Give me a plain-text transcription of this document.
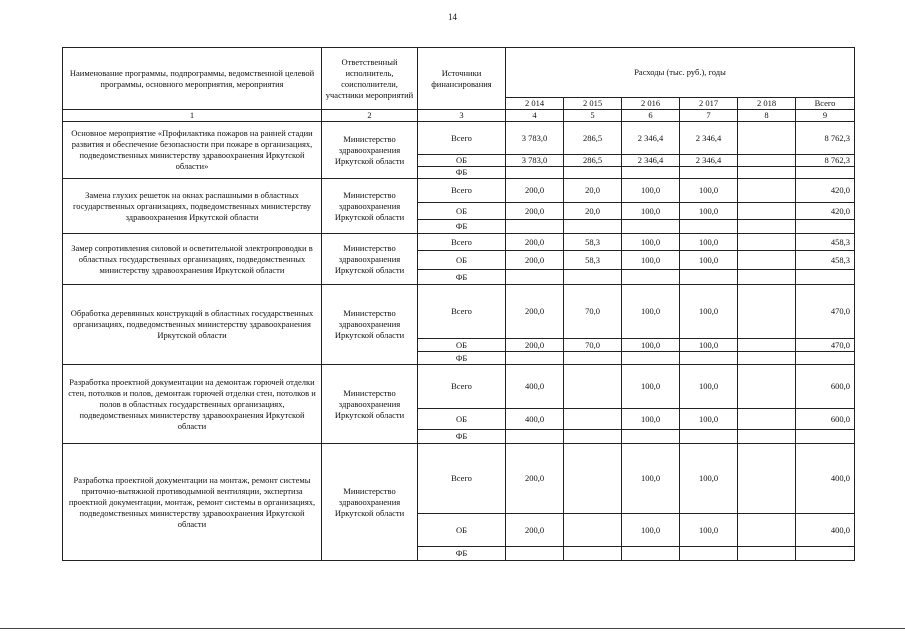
14
Наименование программы, подпрограммы, ведомственной целевой программы, основного мероприятия, мероприятия	Ответственный исполнитель, соисполнители, участники мероприятий	Источники финансирования	Расходы (тыс. руб.), годы					
			2 014	2 015	2 016	2 017	2 018	Всего
1	2	3	4	5	6	7	8	9
Основное мероприятие «Профилактика пожаров на ранней стадии развития и обеспечение безопасности при пожаре в организациях, подведомственных министерству здравоохранения Иркутской области»	Министерство здравоохранения Иркутской области	Всего	3 783,0	286,5	2 346,4	2 346,4		8 762,3
		ОБ	3 783,0	286,5	2 346,4	2 346,4		8 762,3
		ФБ						
Замена глухих решеток на окнах распашными в областных государственных организациях, подведомственных министерству здравоохранения Иркутской области	Министерство здравоохранения Иркутской области	Всего	200,0	20,0	100,0	100,0		420,0
		ОБ	200,0	20,0	100,0	100,0		420,0
		ФБ						
Замер сопротивления силовой и осветительной электропроводки в областных государственных организациях, подведомственных министерству здравоохранения Иркутской области	Министерство здравоохранения Иркутской области	Всего	200,0	58,3	100,0	100,0		458,3
		ОБ	200,0	58,3	100,0	100,0		458,3
		ФБ						
Обработка деревянных конструкций в областных государственных организациях, подведомственных министерству здравоохранения Иркутской области	Министерство здравоохранения Иркутской области	Всего	200,0	70,0	100,0	100,0		470,0
		ОБ	200,0	70,0	100,0	100,0		470,0
		ФБ						
Разработка проектной документации на демонтаж горючей отделки стен, потолков и полов, демонтаж горючей отделки стен, потолков и полов в областных государственных организациях, подведомственных министерству здравоохранения Иркутской области	Министерство здравоохранения Иркутской области	Всего	400,0		100,0	100,0		600,0
		ОБ	400,0		100,0	100,0		600,0
		ФБ						
Разработка проектной документации на монтаж, ремонт системы приточно-вытяжной противодымной вентиляции, экспертиза проектной документации, монтаж, ремонт системы в организациях, подведомственных министерству здравоохранения Иркутской области	Министерство здравоохранения Иркутской области	Всего	200,0		100,0	100,0		400,0
		ОБ	200,0		100,0	100,0		400,0
		ФБ						
